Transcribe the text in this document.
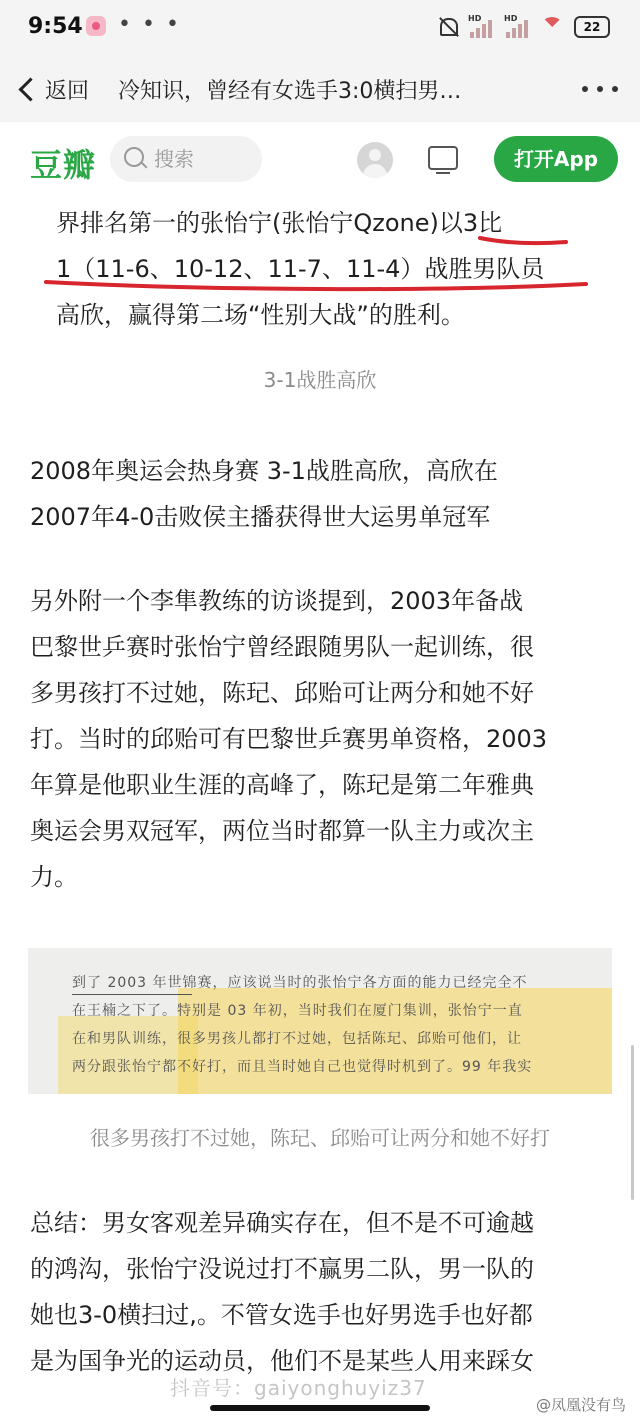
9:54 • • •	HD	HD
22
返回 冷知识，曾经有女选手3:0横扫男…
豆瓣
搜索	打开App

界排名第一的张怡宁(张怡宁Qzone)以3比
1（11-6、10-12、11-7、11-4）战胜男队员
高欣，赢得第二场“性别大战”的胜利。

3-1战胜高欣

2008年奥运会热身赛 3-1战胜高欣，高欣在
2007年4-0击败侯主播获得世大运男单冠军

另外附一个李隼教练的访谈提到，2003年备战
巴黎世乒赛时张怡宁曾经跟随男队一起训练，很
多男孩打不过她，陈玘、邱贻可让两分和她不好
打。当时的邱贻可有巴黎世乒赛男单资格，2003
年算是他职业生涯的高峰了，陈玘是第二年雅典
奥运会男双冠军，两位当时都算一队主力或次主
力。

到了 2003 年世锦赛，应该说当时的张怡宁各方面的能力已经完全不
在王楠之下了。特别是 03 年初，当时我们在厦门集训，张怡宁一直
在和男队训练，很多男孩儿都打不过她，包括陈玘、邱贻可他们，让
两分跟张怡宁都不好打，而且当时她自己也觉得时机到了。99 年我实
很多男孩打不过她，陈玘、邱贻可让两分和她不好打

总结：男女客观差异确实存在，但不是不可逾越
的鸿沟，张怡宁没说过打不赢男二队，男一队的
她也3-0横扫过,。不管女选手也好男选手也好都
是为国争光的运动员，他们不是某些人用来踩女

抖音号：gaiyonghuyiz37
@凤凰没有鸟
